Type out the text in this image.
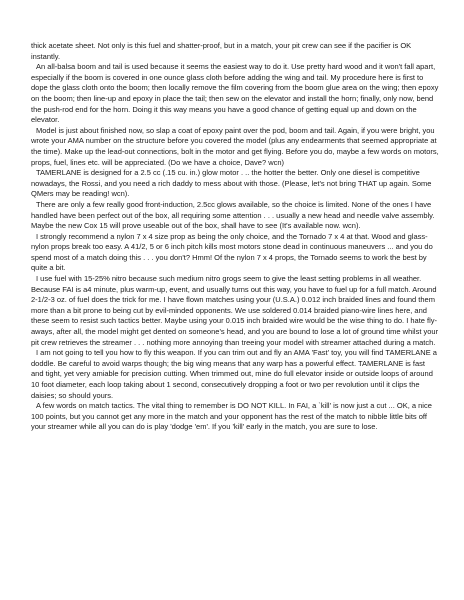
thick acetate sheet. Not only is this fuel and shatter-proof, but in a match, your pit crew can see if the pacifier is OK instantly.

An all-balsa boom and tail is used because it seems the easiest way to do it. Use pretty hard wood and it won't fall apart, especially if the boom is covered in one ounce glass cloth before adding the wing and tail. My procedure here is first to dope the glass cloth onto the boom; then locally remove the film covering from the boom glue area on the wing; then epoxy on the boom; then line-up and epoxy in place the tail; then sew on the elevator and install the horn; finally, only now, bend the push-rod end for the horn. Doing it this way means you have a good chance of getting equal up and down on the elevator.

Model is just about finished now, so slap a coat of epoxy paint over the pod, boom and tail. Again, if you were bright, you wrote your AMA number on the structure before you covered the model (plus any endearments that seemed appropriate at the time). Make up the lead-out connections, bolt in the motor and get flying. Before you do, maybe a few words on motors, props, fuel, lines etc. will be appreciated. (Do we have a choice, Dave? wcn)

TAMERLANE is designed for a 2.5 cc (.15 cu. in.) glow motor . .. the hotter the better. Only one diesel is competitive nowadays, the Rossi, and you need a rich daddy to mess about with those. (Please, let's not bring THAT up again. Some QMers may be reading! wcn).

There are only a few really good front-induction, 2.5cc glows available, so the choice is limited. None of the ones I have handled have been perfect out of the box, all requiring some attention . . . usually a new head and needle valve assembly. Maybe the new Cox 15 will prove useable out of the box, shall have to see (It's available now. wcn).

I strongly recommend a nylon 7 x 4 size prop as being the only choice, and the Tornado 7 x 4 at that. Wood and glass-nylon props break too easy. A 41/2, 5 or 6 inch pitch kills most motors stone dead in continuous maneuvers ... and you do spend most of a match doing this . . . you don't? Hmm! Of the nylon 7 x 4 props, the Tornado seems to work the best by quite a bit.

I use fuel with 15-25% nitro because such medium nitro grogs seem to give the least setting problems in all weather. Because FAI is a4 minute, plus warm-up, event, and usually turns out this way, you have to fuel up for a full match. Around 2-1/2-3 oz. of fuel does the trick for me. I have flown matches using your (U.S.A.) 0.012 inch braided lines and found them more than a bit prone to being cut by evil-minded opponents. We use soldered 0.014 braided piano-wire lines here, and these seem to resist such tactics better. Maybe using your 0.015 inch braided wire would be the wise thing to do. I hate fly-aways, after all, the model might get dented on someone's head, and you are bound to lose a lot of ground time whilst your pit crew retrieves the streamer . . . nothing more annoying than treeing your model with streamer attached during a match.

I am not going to tell you how to fly this weapon. If you can trim out and fly an AMA 'Fast' toy, you will find TAMERLANE a doddle. Be careful to avoid warps though; the big wing means that any warp has a powerful effect. TAMERLANE is fast and tight, yet very amiable for precision cutting. When trimmed out, mine do full elevator inside or outside loops of around 10 foot diameter, each loop taking about 1 second, consecutively dropping a foot or two per revolution until it clips the daisies; so should yours.

A few words on match tactics. The vital thing to remember is DO NOT KILL. In FAI, a `kill' is now just a cut ... OK, a nice 100 points, but you cannot get any more in the match and your opponent has the rest of the match to nibble little bits off your streamer while all you can do is play 'dodge 'em'. If you 'kill' early in the match, you are sure to lose.
